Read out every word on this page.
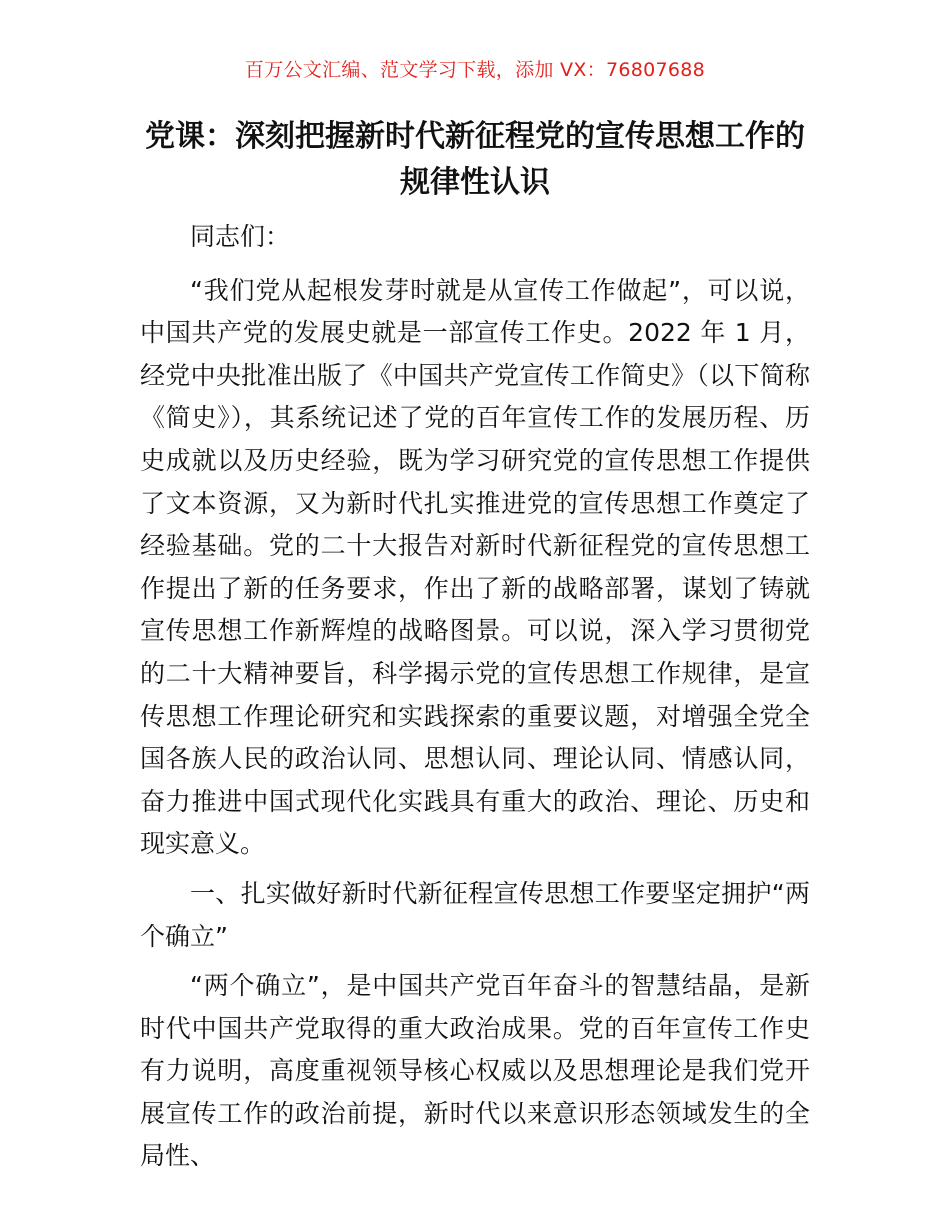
百万公文汇编、范文学习下载，添加 VX：76807688
党课：深刻把握新时代新征程党的宣传思想工作的规律性认识

同志们：

“我们党从起根发芽时就是从宣传工作做起”，可以说，中国共产党的发展史就是一部宣传工作史。2022 年 1 月，经党中央批准出版了《中国共产党宣传工作简史》（以下简称《简史》），其系统记述了党的百年宣传工作的发展历程、历史成就以及历史经验，既为学习研究党的宣传思想工作提供了文本资源，又为新时代扎实推进党的宣传思想工作奠定了经验基础。党的二十大报告对新时代新征程党的宣传思想工作提出了新的任务要求，作出了新的战略部署，谋划了铸就宣传思想工作新辉煌的战略图景。可以说，深入学习贯彻党的二十大精神要旨，科学揭示党的宣传思想工作规律，是宣传思想工作理论研究和实践探索的重要议题，对增强全党全国各族人民的政治认同、思想认同、理论认同、情感认同，奋力推进中国式现代化实践具有重大的政治、理论、历史和现实意义。

一、扎实做好新时代新征程宣传思想工作要坚定拥护“两个确立”

“两个确立”，是中国共产党百年奋斗的智慧结晶，是新时代中国共产党取得的重大政治成果。党的百年宣传工作史有力说明，高度重视领导核心权威以及思想理论是我们党开展宣传工作的政治前提，新时代以来意识形态领域发生的全局性、
